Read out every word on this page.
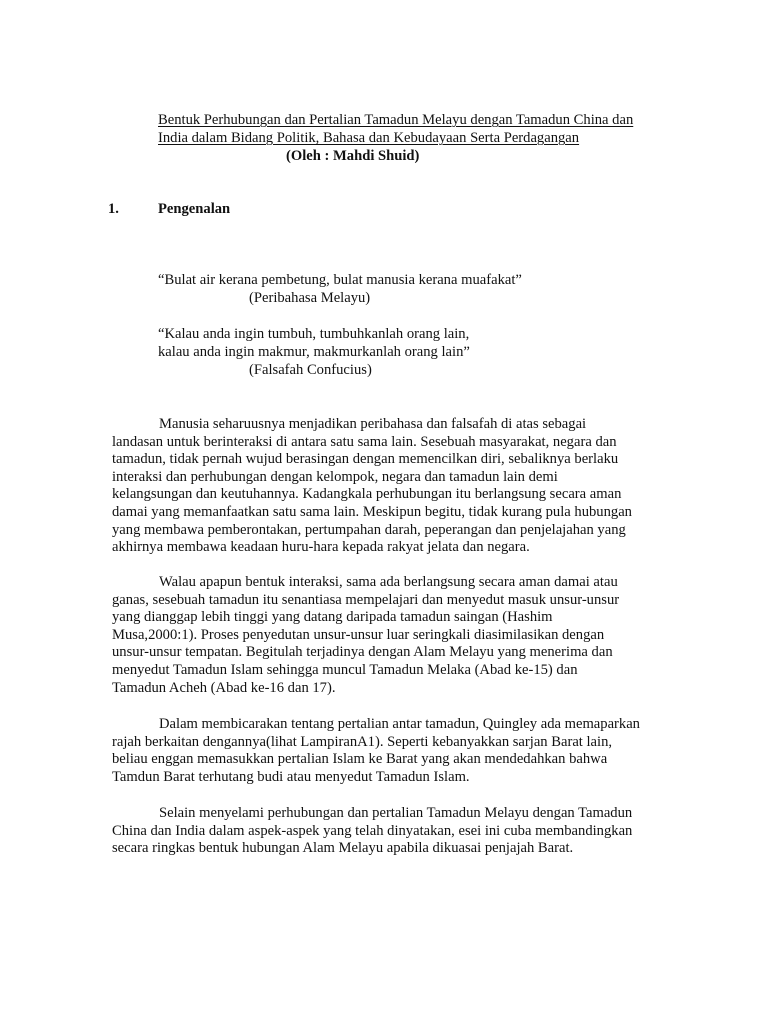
Bentuk Perhubungan dan Pertalian Tamadun Melayu dengan Tamadun China dan
India dalam Bidang Politik, Bahasa dan Kebudayaan Serta Perdagangan
(Oleh : Mahdi Shuid)
1.	Pengenalan
“Bulat air kerana pembetung, bulat manusia kerana muafakat”
(Peribahasa Melayu)
“Kalau anda ingin tumbuh, tumbuhkanlah orang lain,
kalau anda ingin makmur, makmurkanlah orang lain”
(Falsafah Confucius)
Manusia seharuusnya menjadikan peribahasa dan falsafah di atas sebagai
landasan untuk berinteraksi di antara satu sama lain. Sesebuah masyarakat, negara dan
tamadun, tidak pernah wujud berasingan dengan memencilkan diri, sebaliknya berlaku
interaksi dan perhubungan dengan kelompok, negara dan tamadun lain demi
kelangsungan dan keutuhannya. Kadangkala perhubungan itu berlangsung secara aman
damai yang memanfaatkan satu sama lain. Meskipun begitu, tidak kurang pula hubungan
yang membawa pemberontakan, pertumpahan darah, peperangan dan penjelajahan yang
akhirnya membawa keadaan huru-hara kepada rakyat jelata dan negara.
Walau apapun bentuk interaksi, sama ada berlangsung secara aman damai atau
ganas, sesebuah tamadun itu senantiasa mempelajari dan menyedut masuk unsur-unsur
yang dianggap lebih tinggi yang datang daripada tamadun saingan (Hashim
Musa,2000:1). Proses penyedutan unsur-unsur luar seringkali diasimilasikan dengan
unsur-unsur tempatan. Begitulah terjadinya dengan Alam Melayu yang menerima dan
menyedut Tamadun Islam sehingga muncul Tamadun Melaka (Abad ke-15) dan
Tamadun Acheh (Abad ke-16 dan 17).
Dalam membicarakan tentang pertalian antar tamadun, Quingley ada memaparkan
rajah berkaitan dengannya(lihat LampiranA1). Seperti kebanyakkan sarjan Barat lain,
beliau enggan memasukkan pertalian Islam ke Barat yang akan mendedahkan bahwa
Tamdun Barat terhutang budi atau menyedut Tamadun Islam.
Selain menyelami perhubungan dan pertalian Tamadun Melayu dengan Tamadun
China dan India dalam aspek-aspek yang telah dinyatakan, esei ini cuba membandingkan
secara ringkas bentuk hubungan Alam Melayu apabila dikuasai penjajah Barat.
